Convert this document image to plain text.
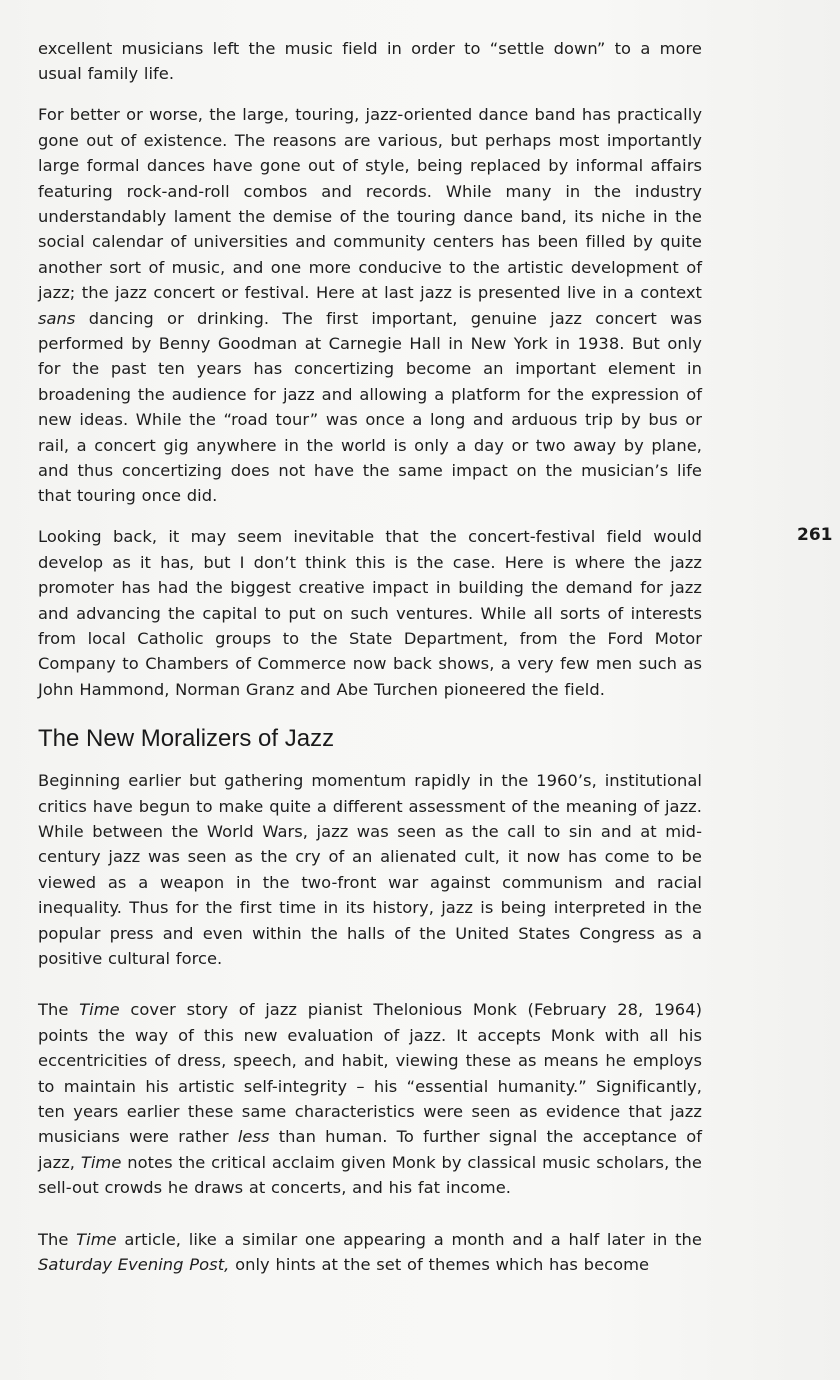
excellent musicians left the music field in order to “settle down” to a more usual family life.

For better or worse, the large, touring, jazz-oriented dance band has practically gone out of existence. The reasons are various, but perhaps most importantly large formal dances have gone out of style, being replaced by informal affairs featuring rock-and-roll combos and records. While many in the industry understandably lament the demise of the touring dance band, its niche in the social calendar of universities and community centers has been filled by quite another sort of music, and one more conducive to the artistic development of jazz; the jazz concert or festival. Here at last jazz is presented live in a context sans dancing or drinking. The first important, genuine jazz concert was performed by Benny Goodman at Carnegie Hall in New York in 1938. But only for the past ten years has concertizing become an important element in broadening the audience for jazz and allowing a platform for the expression of new ideas. While the “road tour” was once a long and arduous trip by bus or rail, a concert gig anywhere in the world is only a day or two away by plane, and thus concertizing does not have the same impact on the musician’s life that touring once did.

Looking back, it may seem inevitable that the concert-festival field would develop as it has, but I don’t think this is the case. Here is where the jazz promoter has had the biggest creative impact in building the demand for jazz and advancing the capital to put on such ventures. While all sorts of interests from local Catholic groups to the State Department, from the Ford Motor Company to Chambers of Commerce now back shows, a very few men such as John Hammond, Norman Granz and Abe Turchen pioneered the field.

The New Moralizers of Jazz

Beginning earlier but gathering momentum rapidly in the 1960’s, institutional critics have begun to make quite a different assessment of the meaning of jazz. While between the World Wars, jazz was seen as the call to sin and at mid-century jazz was seen as the cry of an alienated cult, it now has come to be viewed as a weapon in the two-front war against communism and racial inequality. Thus for the first time in its history, jazz is being interpreted in the popular press and even within the halls of the United States Congress as a positive cultural force.

The Time cover story of jazz pianist Thelonious Monk (February 28, 1964) points the way of this new evaluation of jazz. It accepts Monk with all his eccentricities of dress, speech, and habit, viewing these as means he employs to maintain his artistic self-integrity – his “essential humanity.” Significantly, ten years earlier these same characteristics were seen as evidence that jazz musicians were rather less than human. To further signal the acceptance of jazz, Time notes the critical acclaim given Monk by classical music scholars, the sell-out crowds he draws at concerts, and his fat income.

The Time article, like a similar one appearing a month and a half later in the Saturday Evening Post, only hints at the set of themes which has become

261
